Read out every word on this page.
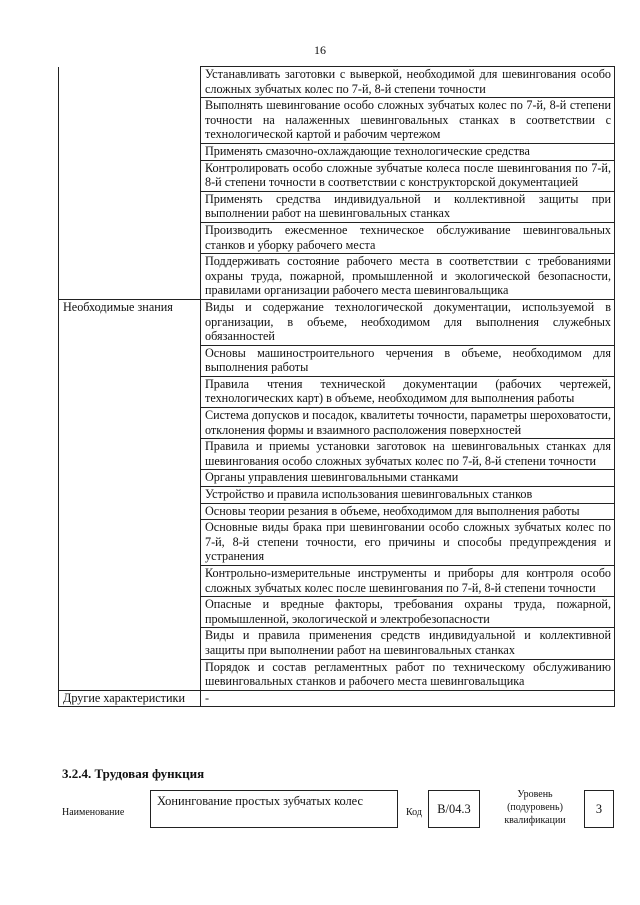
16
	Устанавливать заготовки с выверкой, необходимой для шевингования особо сложных зубчатых колес по 7-й, 8-й степени точности
	Выполнять шевингование особо сложных зубчатых колес по 7-й, 8-й степени точности на налаженных шевинговальных станках в соответствии с технологической картой и рабочим чертежом
	Применять смазочно-охлаждающие технологические средства
	Контролировать особо сложные зубчатые колеса после шевингования по 7-й, 8-й степени точности в соответствии с конструкторской документацией
	Применять средства индивидуальной и коллективной защиты при выполнении работ на шевинговальных станках
	Производить ежесменное техническое обслуживание шевинговальных станков и уборку рабочего места
	Поддерживать состояние рабочего места в соответствии с требованиями охраны труда, пожарной, промышленной и экологической безопасности, правилами организации рабочего места шевинговальщика
Необходимые знания	Виды и содержание технологической документации, используемой в организации, в объеме, необходимом для выполнения служебных обязанностей
	Основы машиностроительного черчения в объеме, необходимом для выполнения работы
	Правила чтения технической документации (рабочих чертежей, технологических карт) в объеме, необходимом для выполнения работы
	Система допусков и посадок, квалитеты точности, параметры шероховатости, отклонения формы и взаимного расположения поверхностей
	Правила и приемы установки заготовок на шевинговальных станках для шевингования особо сложных зубчатых колес по 7-й, 8-й степени точности
	Органы управления шевинговальными станками
	Устройство и правила использования шевинговальных станков
	Основы теории резания в объеме, необходимом для выполнения работы
	Основные виды брака при шевинговании особо сложных зубчатых колес по 7-й, 8-й степени точности, его причины и способы предупреждения и устранения
	Контрольно-измерительные инструменты и приборы для контроля особо сложных зубчатых колес после шевингования по 7-й, 8-й степени точности
	Опасные и вредные факторы, требования охраны труда, пожарной, промышленной, экологической и электробезопасности
	Виды и правила применения средств индивидуальной и коллективной защиты при выполнении работ на шевинговальных станках
	Порядок и состав регламентных работ по техническому обслуживанию шевинговальных станков и рабочего места шевинговальщика
Другие характеристики	-
3.2.4. Трудовая функция
Наименование
Хонингование простых зубчатых колес
Код	B/04.3
Уровень
(подуровень)
квалификации
3
